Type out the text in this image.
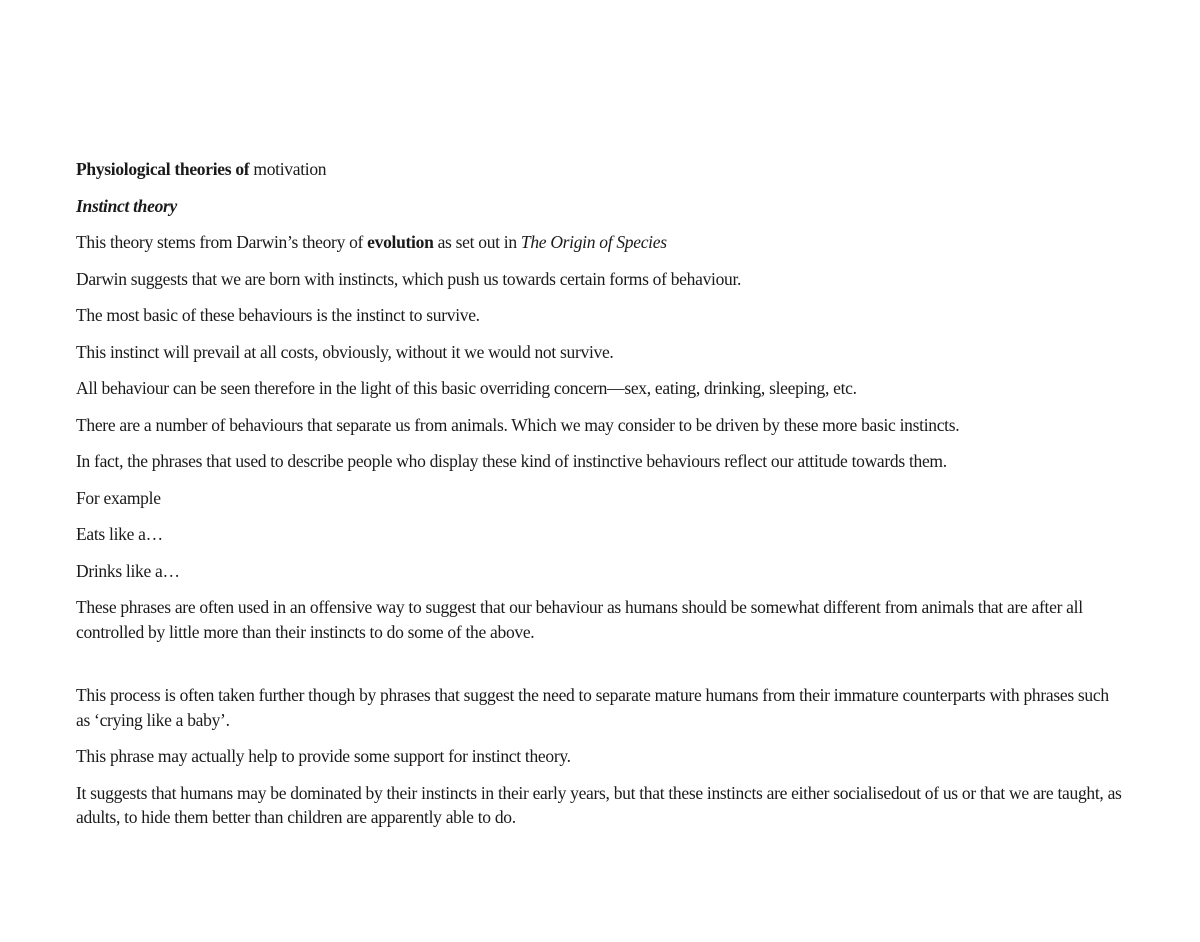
Physiological theories of motivation

Instinct theory

This theory stems from Darwin’s theory of evolution as set out in The Origin of Species

Darwin suggests that we are born with instincts, which push us towards certain forms of behaviour.

The most basic of these behaviours is the instinct to survive.

This instinct will prevail at all costs, obviously, without it we would not survive.

All behaviour can be seen therefore in the light of this basic overriding concern—sex, eating, drinking, sleeping, etc.

There are a number of behaviours that separate us from animals. Which we may consider to be driven by these more basic instincts.

In fact, the phrases that used to describe people who display these kind of instinctive behaviours reflect our attitude towards them.

For example

Eats like a…

Drinks like a…

These phrases are often used in an offensive way to suggest that our behaviour as humans should be somewhat different from animals that are after all controlled by little more than their instincts to do some of the above.

This process is often taken further though by phrases that suggest the need to separate mature humans from their immature counterparts with phrases such as ‘crying like a baby’.

This phrase may actually help to provide some support for instinct theory.

It suggests that humans may be dominated by their instincts in their early years, but that these instincts are either socialisedout of us or that we are taught, as adults, to hide them better than children are apparently able to do.
